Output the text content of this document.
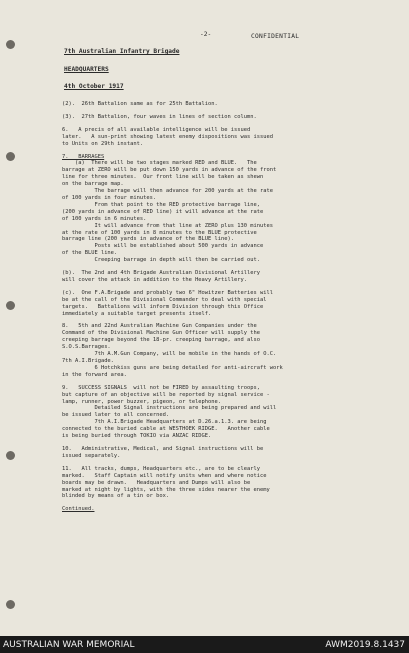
-2-	CONFIDENTIAL
7th Australian Infantry Brigade
HEADQUARTERS
4th October 1917

(2).  26th Battalion same as for 25th Battalion.

(3).  27th Battalion, four waves in lines of section column.

6.   A precis of all available intelligence will be issued

later.   A sun-print showing latest enemy dispositions was issued

to Units on 29th instant.

7.   BARRAGES

(a)  There will be two stages marked RED and BLUE.   The

barrage at ZERO will be put down 150 yards in advance of the front

line for three minutes.  Our front line will be taken as shewn

on the barrage map.

The barrage will then advance for 200 yards at the rate

of 100 yards in four minutes.

From that point to the RED protective barrage line,

(200 yards in advance of RED line) it will advance at the rate

of 100 yards in 6 minutes.

It will advance from that line at ZERO plus 130 minutes

at the rate of 100 yards in 8 minutes to the BLUE protective

barrage line (200 yards in advance of the BLUE line).

Posts will be established about 500 yards in advance

of the BLUE line.

Creeping barrage in depth will then be carried out.

(b).  The 2nd and 4th Brigade Australian Divisional Artillery

will cover the attack in addition to the Heavy Artillery.

(c).  One F.A.Brigade and probably two 6" Howitzer Batteries will

be at the call of the Divisional Commander to deal with special

targets.   Battalions will inform Division through this Office

immediately a suitable target presents itself.

8.   5th and 22nd Australian Machine Gun Companies under the

Command of the Divisional Machine Gun Officer will supply the

creeping barrage beyond the 18-pr. creeping barrage, and also

S.O.S.Barrages.

7th A.M.Gun Company, will be mobile in the hands of O.C.

7th A.I.Brigade.

6 Hotchkiss guns are being detailed for anti-aircraft work

in the forward area.

9.   SUCCESS SIGNALS  will not be FIRED by assaulting troops,

but capture of an objective will be reported by signal service -

lamp, runner, power buzzer, pigeon, or telephone.

Detailed Signal instructions are being prepared and will

be issued later to all concerned.

7th A.I.Brigade Headquarters at D.26.a.1.3. are being

connected to the buried cable at WESTHOEK RIDGE.   Another cable

is being buried through TOKIO via ANZAC RIDGE.

10.   Administrative, Medical, and Signal instructions will be

issued separately.

11.   All tracks, dumps, Headquarters etc., are to be clearly

marked.   Staff Captain will notify units when and where notice

boards may be drawn.   Headquarters and Dumps will also be

marked at night by lights, with the three sides nearer the enemy

blinded by means of a tin or box.

Continued.

AUSTRALIAN WAR MEMORIAL	AWM2019.8.1437
